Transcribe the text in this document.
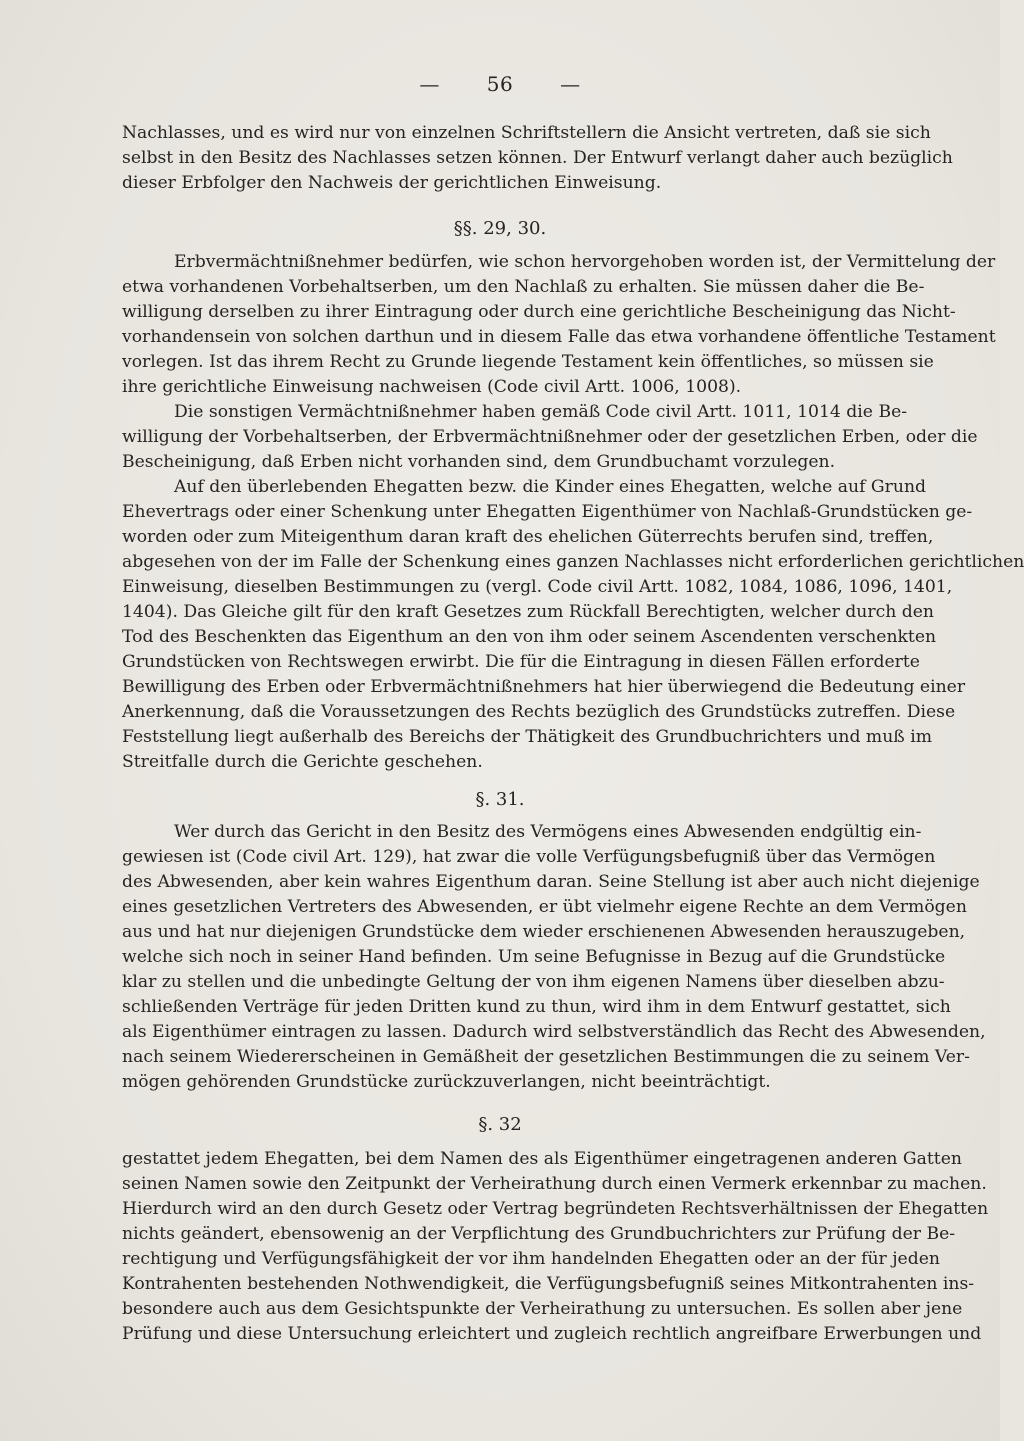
— 56 —
Nachlasses, und es wird nur von einzelnen Schriftstellern die Ansicht vertreten, daß sie sich
selbst in den Besitz des Nachlasses setzen können. Der Entwurf verlangt daher auch bezüglich
dieser Erbfolger den Nachweis der gerichtlichen Einweisung.
§§. 29, 30.
Erbvermächtnißnehmer bedürfen, wie schon hervorgehoben worden ist, der Vermittelung der
etwa vorhandenen Vorbehaltserben, um den Nachlaß zu erhalten. Sie müssen daher die Be-
willigung derselben zu ihrer Eintragung oder durch eine gerichtliche Bescheinigung das Nicht-
vorhandensein von solchen darthun und in diesem Falle das etwa vorhandene öffentliche Testament
vorlegen. Ist das ihrem Recht zu Grunde liegende Testament kein öffentliches, so müssen sie
ihre gerichtliche Einweisung nachweisen (Code civil Artt. 1006, 1008).
Die sonstigen Vermächtnißnehmer haben gemäß Code civil Artt. 1011, 1014 die Be-
willigung der Vorbehaltserben, der Erbvermächtnißnehmer oder der gesetzlichen Erben, oder die
Bescheinigung, daß Erben nicht vorhanden sind, dem Grundbuchamt vorzulegen.
Auf den überlebenden Ehegatten bezw. die Kinder eines Ehegatten, welche auf Grund
Ehevertrags oder einer Schenkung unter Ehegatten Eigenthümer von Nachlaß-Grundstücken ge-
worden oder zum Miteigenthum daran kraft des ehelichen Güterrechts berufen sind, treffen,
abgesehen von der im Falle der Schenkung eines ganzen Nachlasses nicht erforderlichen gerichtlichen
Einweisung, dieselben Bestimmungen zu (vergl. Code civil Artt. 1082, 1084, 1086, 1096, 1401,
1404). Das Gleiche gilt für den kraft Gesetzes zum Rückfall Berechtigten, welcher durch den
Tod des Beschenkten das Eigenthum an den von ihm oder seinem Ascendenten verschenkten
Grundstücken von Rechtswegen erwirbt. Die für die Eintragung in diesen Fällen erforderte
Bewilligung des Erben oder Erbvermächtnißnehmers hat hier überwiegend die Bedeutung einer
Anerkennung, daß die Voraussetzungen des Rechts bezüglich des Grundstücks zutreffen. Diese
Feststellung liegt außerhalb des Bereichs der Thätigkeit des Grundbuchrichters und muß im
Streitfalle durch die Gerichte geschehen.
§. 31.
Wer durch das Gericht in den Besitz des Vermögens eines Abwesenden endgültig ein-
gewiesen ist (Code civil Art. 129), hat zwar die volle Verfügungsbefugniß über das Vermögen
des Abwesenden, aber kein wahres Eigenthum daran. Seine Stellung ist aber auch nicht diejenige
eines gesetzlichen Vertreters des Abwesenden, er übt vielmehr eigene Rechte an dem Vermögen
aus und hat nur diejenigen Grundstücke dem wieder erschienenen Abwesenden herauszugeben,
welche sich noch in seiner Hand befinden. Um seine Befugnisse in Bezug auf die Grundstücke
klar zu stellen und die unbedingte Geltung der von ihm eigenen Namens über dieselben abzu-
schließenden Verträge für jeden Dritten kund zu thun, wird ihm in dem Entwurf gestattet, sich
als Eigenthümer eintragen zu lassen. Dadurch wird selbstverständlich das Recht des Abwesenden,
nach seinem Wiedererscheinen in Gemäßheit der gesetzlichen Bestimmungen die zu seinem Ver-
mögen gehörenden Grundstücke zurückzuverlangen, nicht beeinträchtigt.
§. 32
gestattet jedem Ehegatten, bei dem Namen des als Eigenthümer eingetragenen anderen Gatten
seinen Namen sowie den Zeitpunkt der Verheirathung durch einen Vermerk erkennbar zu machen.
Hierdurch wird an den durch Gesetz oder Vertrag begründeten Rechtsverhältnissen der Ehegatten
nichts geändert, ebensowenig an der Verpflichtung des Grundbuchrichters zur Prüfung der Be-
rechtigung und Verfügungsfähigkeit der vor ihm handelnden Ehegatten oder an der für jeden
Kontrahenten bestehenden Nothwendigkeit, die Verfügungsbefugniß seines Mitkontrahenten ins-
besondere auch aus dem Gesichtspunkte der Verheirathung zu untersuchen. Es sollen aber jene
Prüfung und diese Untersuchung erleichtert und zugleich rechtlich angreifbare Erwerbungen und
